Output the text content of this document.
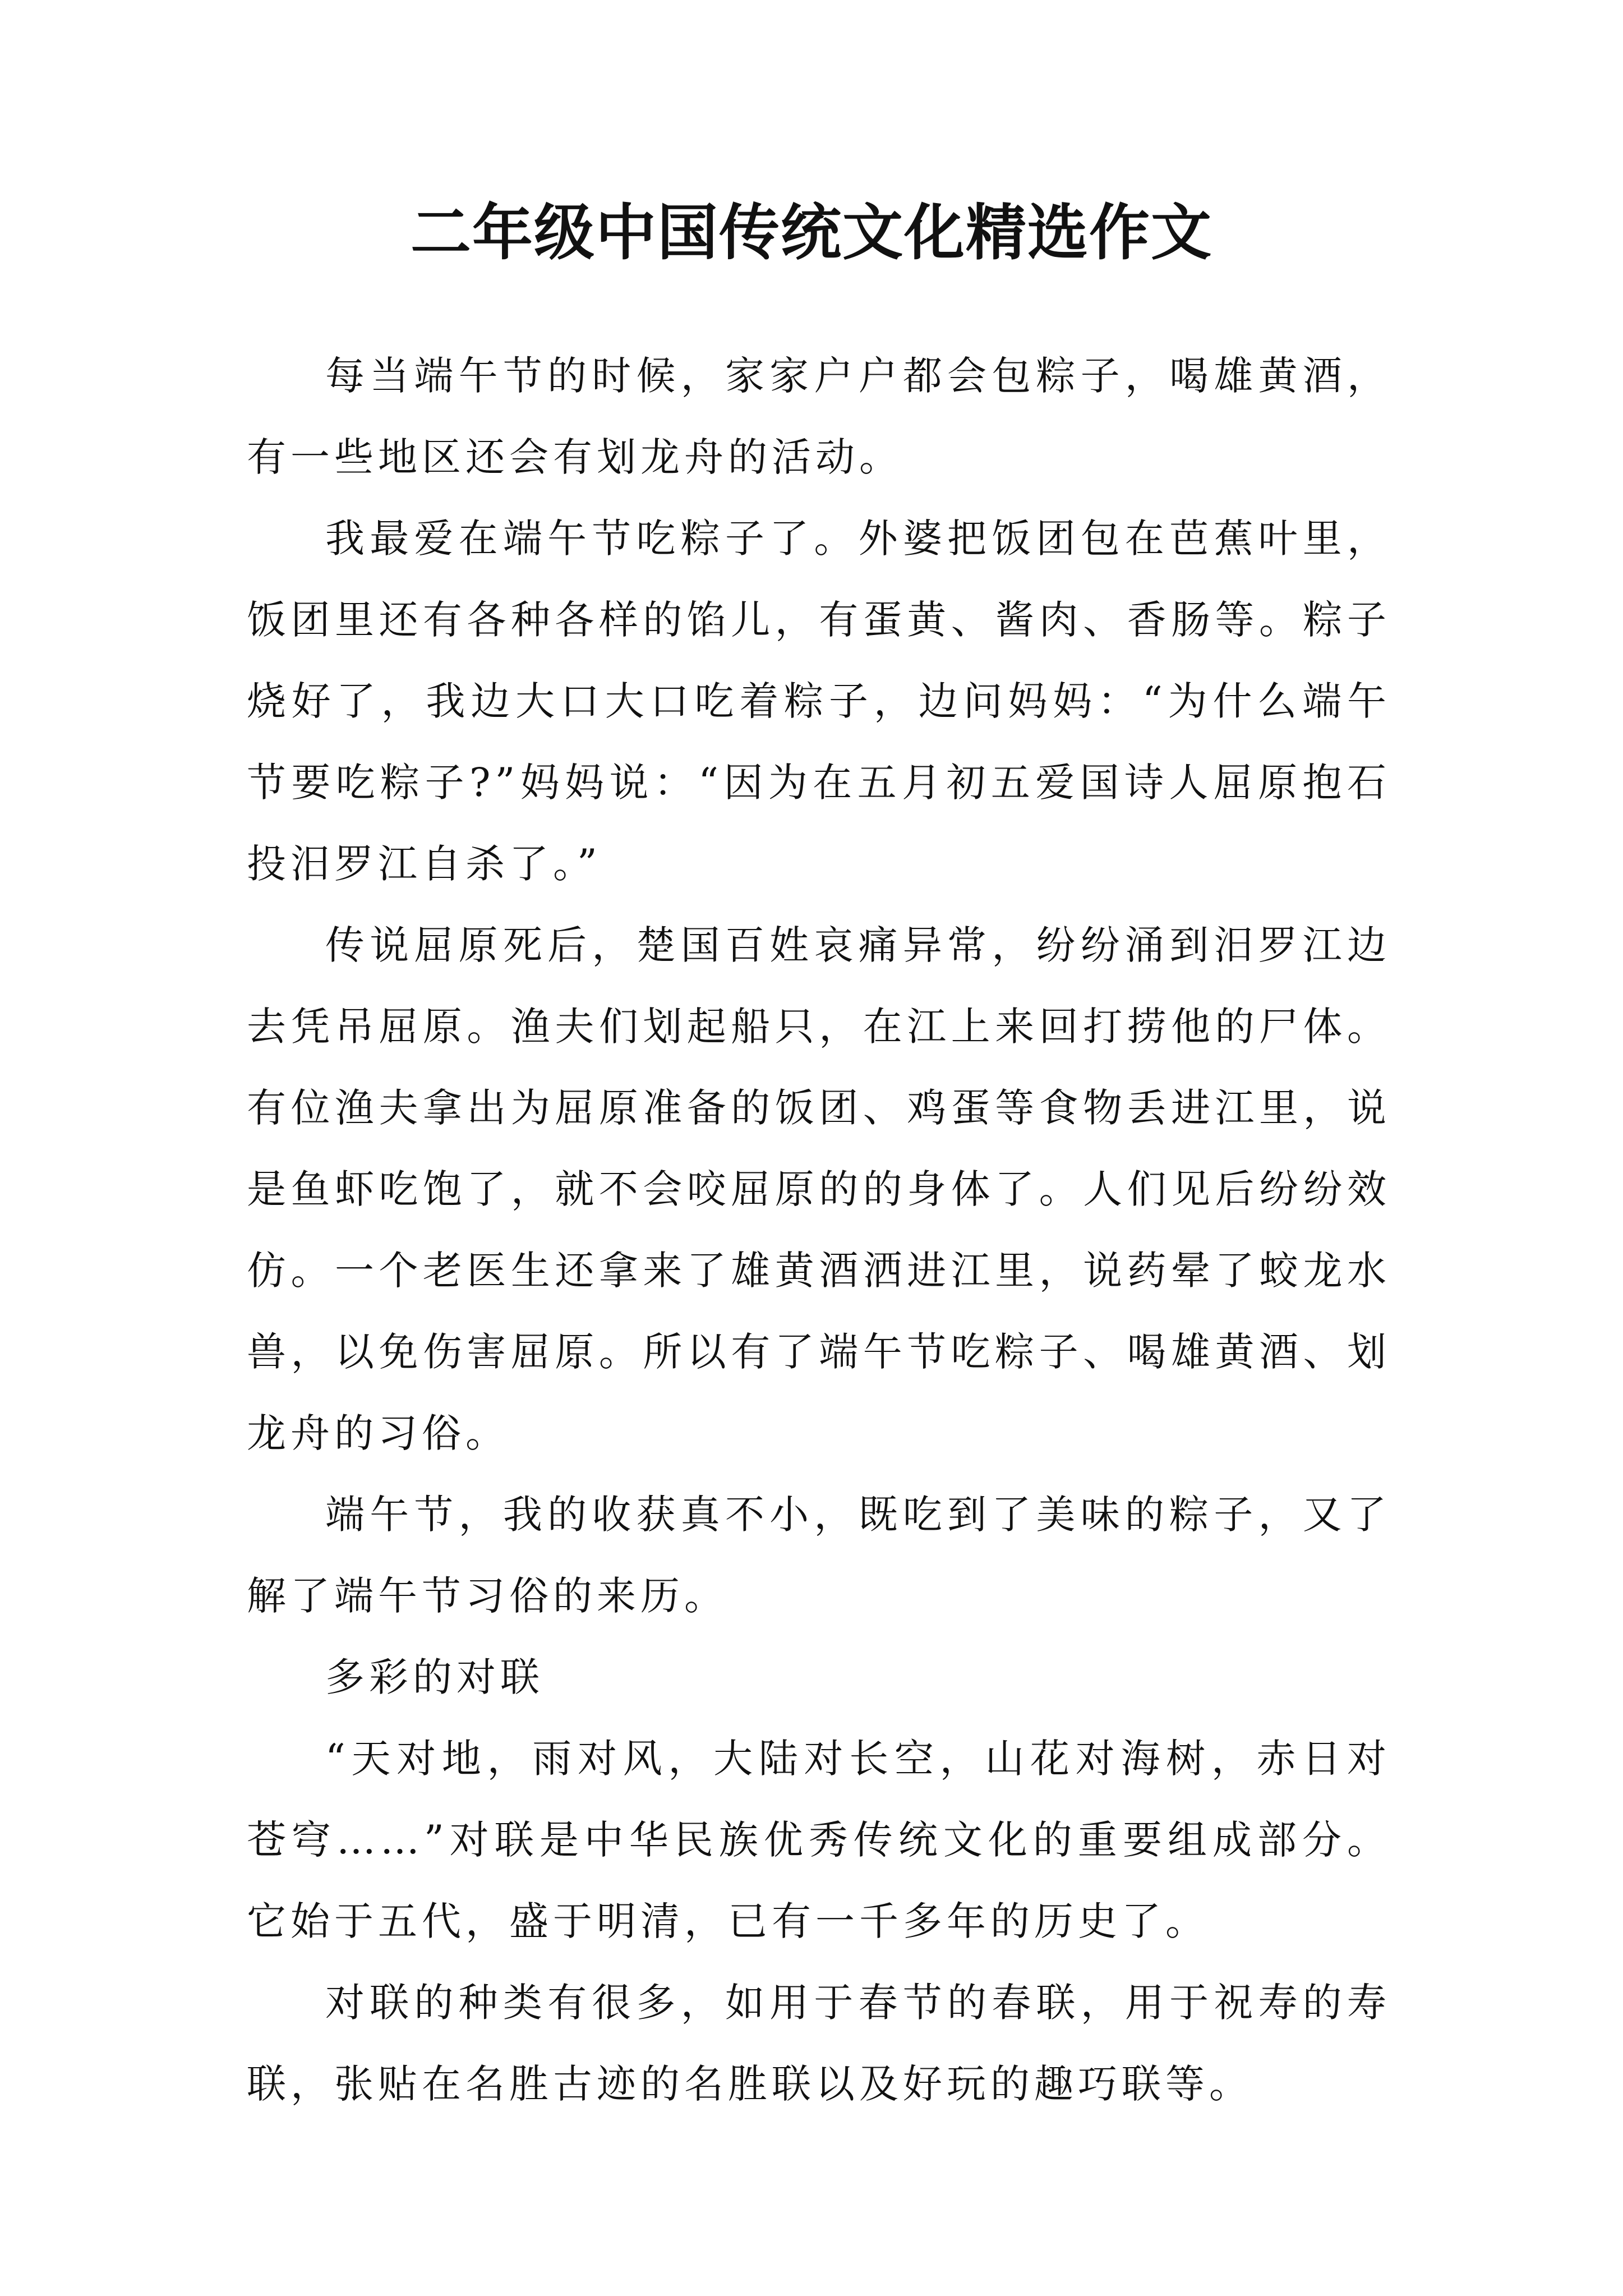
二年级中国传统文化精选作文

每当端午节的时候，家家户户都会包粽子，喝雄黄酒，有一些地区还会有划龙舟的活动。

我最爱在端午节吃粽子了。外婆把饭团包在芭蕉叶里，饭团里还有各种各样的馅儿，有蛋黄、酱肉、香肠等。粽子烧好了，我边大口大口吃着粽子，边问妈妈：“为什么端午节要吃粽子?”妈妈说：“因为在五月初五爱国诗人屈原抱石投汨罗江自杀了。”

传说屈原死后，楚国百姓哀痛异常，纷纷涌到汨罗江边去凭吊屈原。渔夫们划起船只，在江上来回打捞他的尸体。有位渔夫拿出为屈原准备的饭团、鸡蛋等食物丢进江里，说是鱼虾吃饱了，就不会咬屈原的的身体了。人们见后纷纷效仿。一个老医生还拿来了雄黄酒洒进江里，说药晕了蛟龙水兽，以免伤害屈原。所以有了端午节吃粽子、喝雄黄酒、划龙舟的习俗。

端午节，我的收获真不小，既吃到了美味的粽子，又了解了端午节习俗的来历。

多彩的对联

“天对地，雨对风，大陆对长空，山花对海树，赤日对苍穹……”对联是中华民族优秀传统文化的重要组成部分。它始于五代，盛于明清，已有一千多年的历史了。

对联的种类有很多，如用于春节的春联，用于祝寿的寿联，张贴在名胜古迹的名胜联以及好玩的趣巧联等。
